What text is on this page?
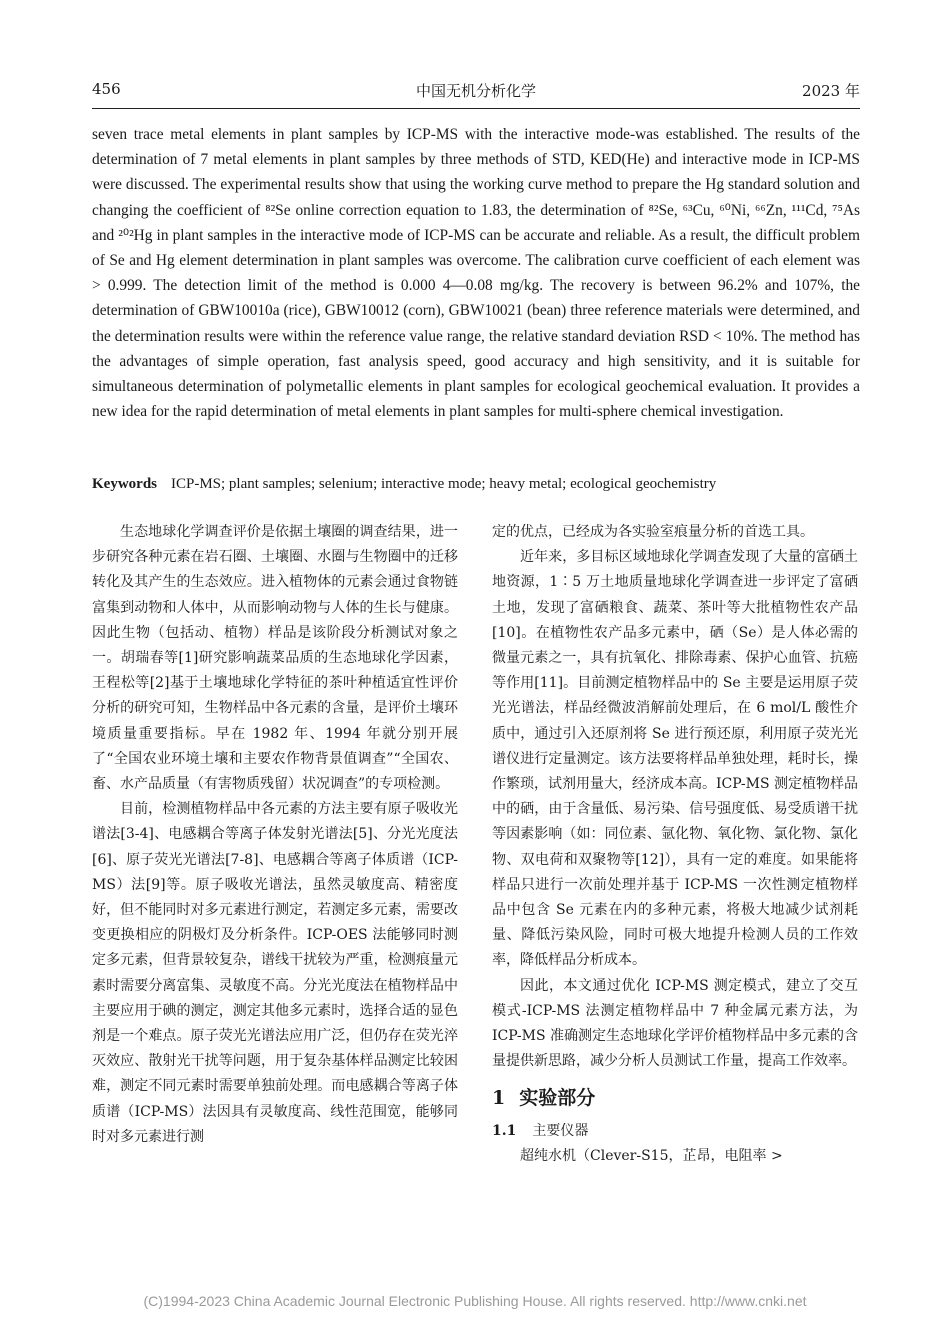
456	中国无机分析化学	2023 年

seven trace metal elements in plant samples by ICP-MS with the interactive mode-was established. The results of the determination of 7 metal elements in plant samples by three methods of STD, KED(He) and interactive mode in ICP-MS were discussed. The experimental results show that using the working curve method to prepare the Hg standard solution and changing the coefficient of ⁸²Se online correction equation to 1.83, the determination of ⁸²Se, ⁶³Cu, ⁶⁰Ni, ⁶⁶Zn, ¹¹¹Cd, ⁷⁵As and ²⁰²Hg in plant samples in the interactive mode of ICP-MS can be accurate and reliable. As a result, the difficult problem of Se and Hg element determination in plant samples was overcome. The calibration curve coefficient of each element was > 0.999. The detection limit of the method is 0.000 4—0.08 mg/kg. The recovery is between 96.2% and 107%, the determination of GBW10010a (rice), GBW10012 (corn), GBW10021 (bean) three reference materials were determined, and the determination results were within the reference value range, the relative standard deviation RSD < 10%. The method has the advantages of simple operation, fast analysis speed, good accuracy and high sensitivity, and it is suitable for simultaneous determination of polymetallic elements in plant samples for ecological geochemical evaluation. It provides a new idea for the rapid determination of metal elements in plant samples for multi-sphere chemical investigation.

Keywords ICP-MS; plant samples; selenium; interactive mode; heavy metal; ecological geochemistry

生态地球化学调查评价是依据土壤圈的调查结果，进一步研究各种元素在岩石圈、土壤圈、水圈与生物圈中的迁移转化及其产生的生态效应。进入植物体的元素会通过食物链富集到动物和人体中，从而影响动物与人体的生长与健康。因此生物（包括动、植物）样品是该阶段分析测试对象之一。胡瑞春等[1]研究影响蔬菜品质的生态地球化学因素，王程松等[2]基于土壤地球化学特征的茶叶种植适宜性评价分析的研究可知，生物样品中各元素的含量，是评价土壤环境质量重要指标。早在 1982 年、1994 年就分别开展了“全国农业环境土壤和主要农作物背景值调查”“全国农、畜、水产品质量（有害物质残留）状况调查”的专项检测。

目前，检测植物样品中各元素的方法主要有原子吸收光谱法[3-4]、电感耦合等离子体发射光谱法[5]、分光光度法[6]、原子荧光光谱法[7-8]、电感耦合等离子体质谱（ICP-MS）法[9]等。原子吸收光谱法，虽然灵敏度高、精密度好，但不能同时对多元素进行测定，若测定多元素，需要改变更换相应的阴极灯及分析条件。ICP-OES 法能够同时测定多元素，但背景较复杂，谱线干扰较为严重，检测痕量元素时需要分离富集、灵敏度不高。分光光度法在植物样品中主要应用于碘的测定，测定其他多元素时，选择合适的显色剂是一个难点。原子荧光光谱法应用广泛，但仍存在荧光淬灭效应、散射光干扰等问题，用于复杂基体样品测定比较困难，测定不同元素时需要单独前处理。而电感耦合等离子体质谱（ICP-MS）法因具有灵敏度高、线性范围宽，能够同时对多元素进行测

定的优点，已经成为各实验室痕量分析的首选工具。

近年来，多目标区域地球化学调查发现了大量的富硒土地资源，1∶5 万土地质量地球化学调查进一步评定了富硒土地，发现了富硒粮食、蔬菜、茶叶等大批植物性农产品[10]。在植物性农产品多元素中，硒（Se）是人体必需的微量元素之一，具有抗氧化、排除毒素、保护心血管、抗癌等作用[11]。目前测定植物样品中的 Se 主要是运用原子荧光光谱法，样品经微波消解前处理后，在 6 mol/L 酸性介质中，通过引入还原剂将 Se 进行预还原，利用原子荧光光谱仪进行定量测定。该方法要将样品单独处理，耗时长，操作繁琐，试剂用量大，经济成本高。ICP-MS 测定植物样品中的硒，由于含量低、易污染、信号强度低、易受质谱干扰等因素影响（如：同位素、氩化物、氧化物、氯化物、氯化物、双电荷和双聚物等[12]），具有一定的难度。如果能将样品只进行一次前处理并基于 ICP-MS 一次性测定植物样品中包含 Se 元素在内的多种元素，将极大地减少试剂耗量、降低污染风险，同时可极大地提升检测人员的工作效率，降低样品分析成本。

因此，本文通过优化 ICP-MS 测定模式，建立了交互模式-ICP-MS 法测定植物样品中 7 种金属元素方法，为 ICP-MS 准确测定生态地球化学评价植物样品中多元素的含量提供新思路，减少分析人员测试工作量，提高工作效率。

1 实验部分
1.1 主要仪器

超纯水机（Clever-S15，芷昂，电阻率 >

(C)1994-2023 China Academic Journal Electronic Publishing House. All rights reserved. http://www.cnki.net
